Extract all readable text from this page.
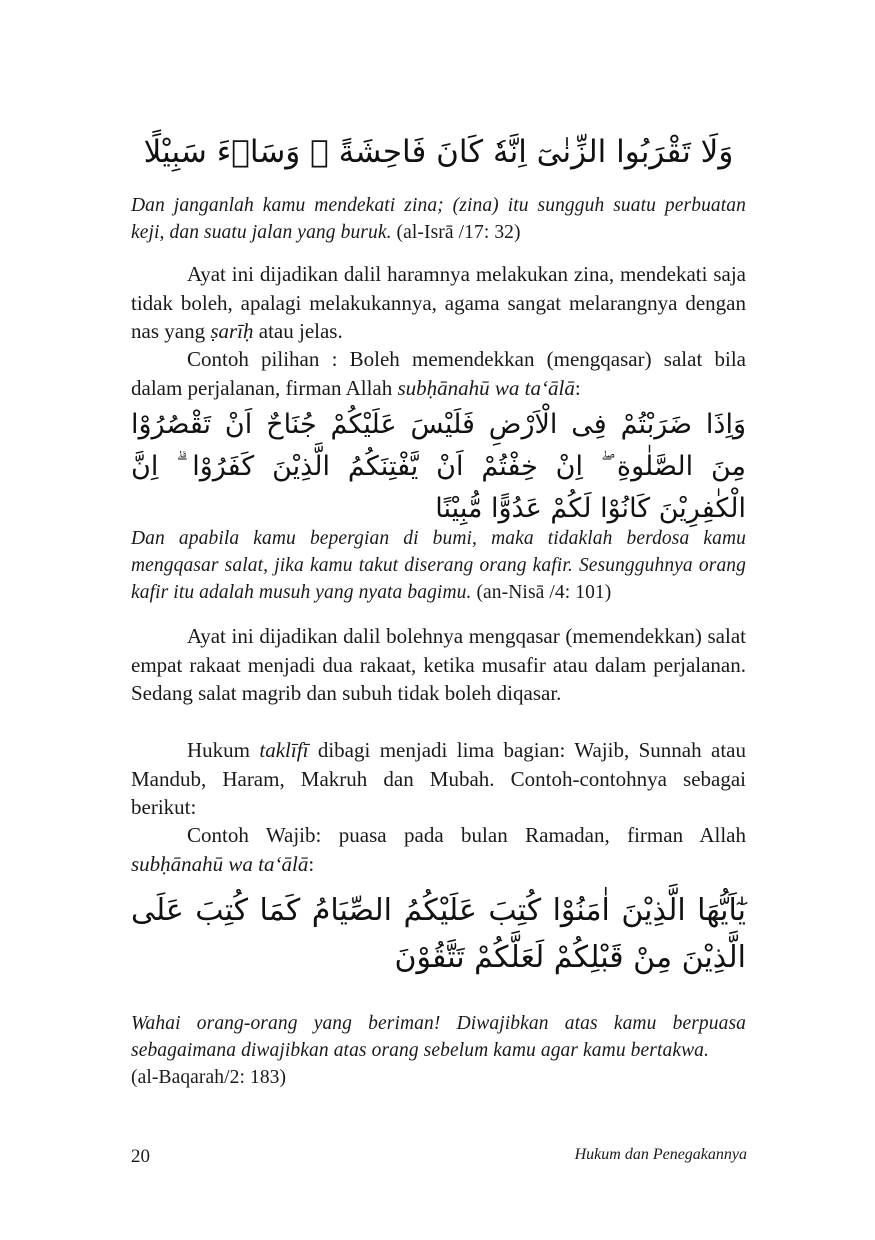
وَلَا تَقْرَبُوا الزِّنٰىٓ اِنَّهٗ كَانَ فَاحِشَةً ۗ وَسَاۤءَ سَبِيْلًا

Dan janganlah kamu mendekati zina; (zina) itu sungguh suatu perbuatan keji, dan suatu jalan yang buruk. (al-Isrā /17: 32)

Ayat ini dijadikan dalil haramnya melakukan zina, mendekati saja tidak boleh, apalagi melakukannya, agama sangat melarangnya dengan nas yang ṣarīḥ atau jelas.

Contoh pilihan : Boleh memendekkan (mengqasar) salat bila dalam perjalanan, firman Allah subḥānahū wa ta‘ālā:

وَاِذَا ضَرَبْتُمْ فِى الْاَرْضِ فَلَيْسَ عَلَيْكُمْ جُنَاحٌ اَنْ تَقْصُرُوْا مِنَ الصَّلٰوةِ ۖ اِنْ خِفْتُمْ اَنْ يَّفْتِنَكُمُ الَّذِيْنَ كَفَرُوْا ۗ اِنَّ الْكٰفِرِيْنَ كَانُوْا لَكُمْ عَدُوًّا مُّبِيْنًا

Dan apabila kamu bepergian di bumi, maka tidaklah berdosa kamu mengqasar salat, jika kamu takut diserang orang kafir. Sesungguhnya orang kafir itu adalah musuh yang nyata bagimu. (an-Nisā /4: 101)

Ayat ini dijadikan dalil bolehnya mengqasar (memendekkan) salat empat rakaat menjadi dua rakaat, ketika musafir atau dalam perjalanan. Sedang salat magrib dan subuh tidak boleh diqasar.

Hukum taklīfī dibagi menjadi lima bagian: Wajib, Sunnah atau Mandub, Haram, Makruh dan Mubah. Contoh-contohnya sebagai berikut:

Contoh Wajib: puasa pada bulan Ramadan, firman Allah subḥānahū wa ta‘ālā:

يٰٓاَيُّهَا الَّذِيْنَ اٰمَنُوْا كُتِبَ عَلَيْكُمُ الصِّيَامُ كَمَا كُتِبَ عَلَى الَّذِيْنَ مِنْ قَبْلِكُمْ لَعَلَّكُمْ تَتَّقُوْنَ

Wahai orang-orang yang beriman! Diwajibkan atas kamu berpuasa sebagaimana diwajibkan atas orang sebelum kamu agar kamu bertakwa.
(al-Baqarah/2: 183)

20	Hukum dan Penegakannya
